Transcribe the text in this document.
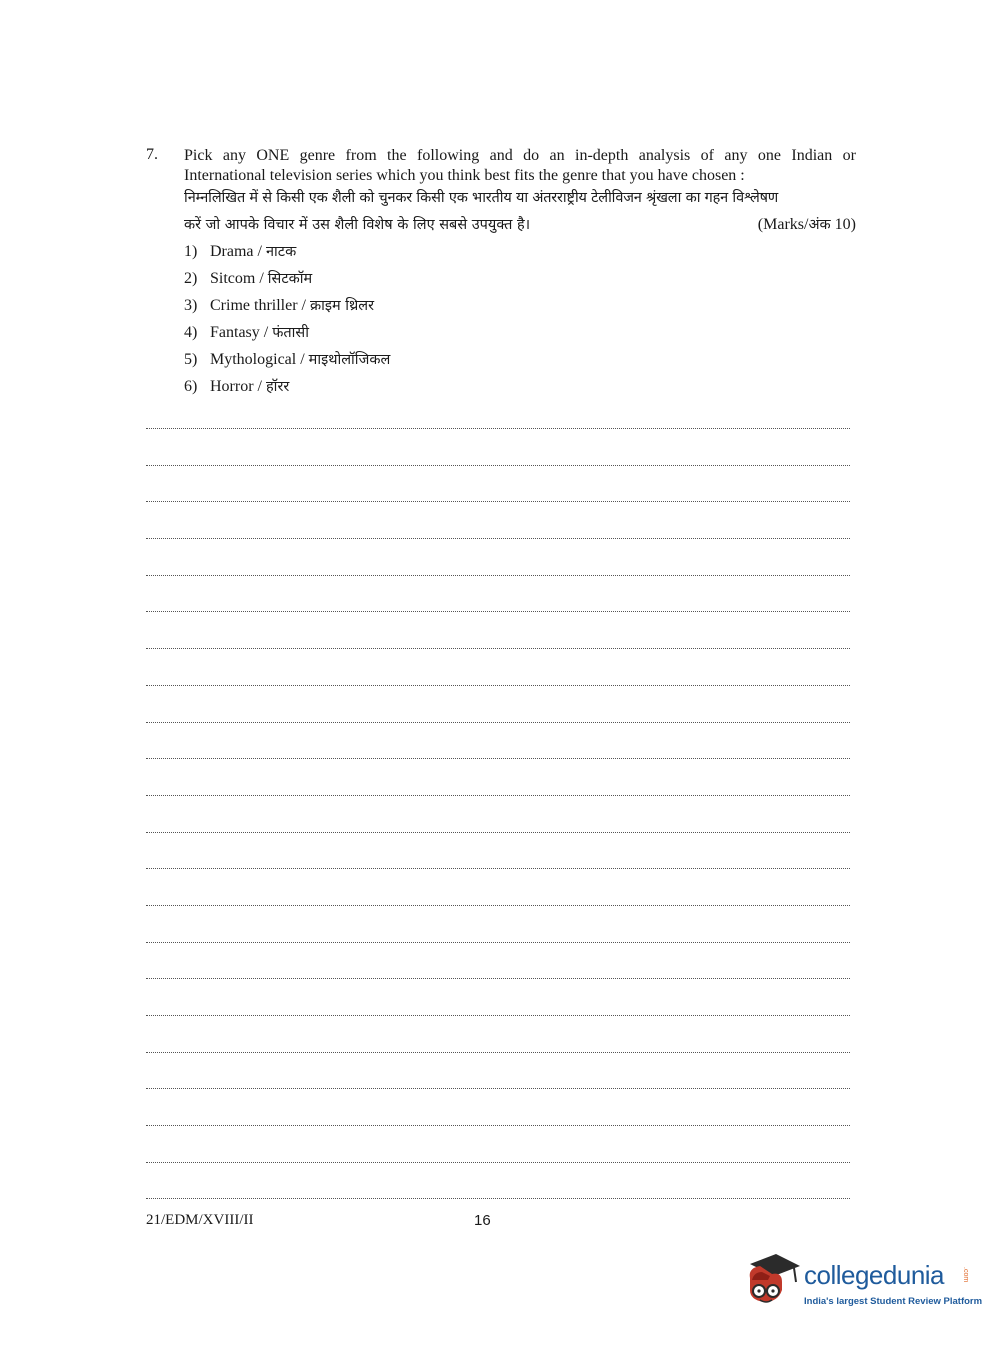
7. Pick any ONE genre from the following and do an in-depth analysis of any one Indian or
International television series which you think best fits the genre that you have chosen :
निम्नलिखित में से किसी एक शैली को चुनकर किसी एक भारतीय या अंतरराष्ट्रीय टेलीविजन श्रृंखला का गहन विश्लेषण
करें जो आपके विचार में उस शैली विशेष के लिए सबसे उपयुक्त है।	(Marks/अंक 10)
1) Drama / नाटक
2) Sitcom / सिटकॉम
3) Crime thriller / क्राइम थ्रिलर
4) Fantasy / फंतासी
5) Mythological / माइथोलॉजिकल
6) Horror / हॉरर
21/EDM/XVIII/II	16
collegedunia	.com
India's largest Student Review Platform
